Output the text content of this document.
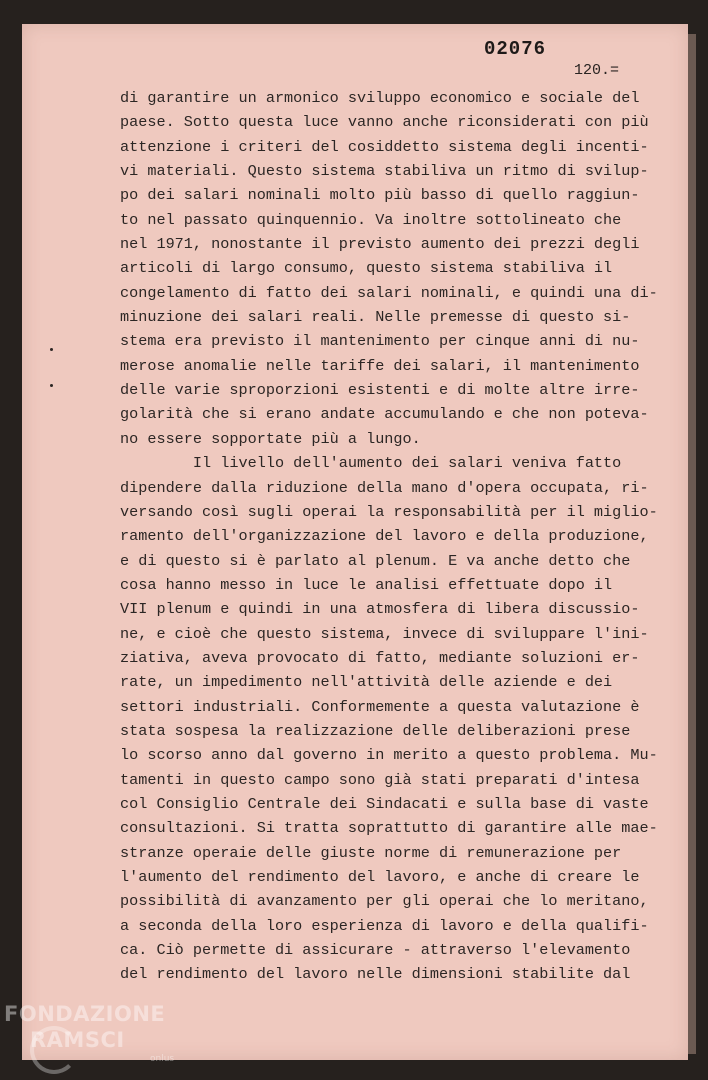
02076
120.=
di garantire un armonico sviluppo economico e sociale del
paese. Sotto questa luce vanno anche riconsiderati con più
attenzione i criteri del cosiddetto sistema degli incenti-
vi materiali. Questo sistema stabiliva un ritmo di svilup-
po dei salari nominali molto più basso di quello raggiun-
to nel passato quinquennio. Va inoltre sottolineato che
nel 1971, nonostante il previsto aumento dei prezzi degli
articoli di largo consumo, questo sistema stabiliva il
congelamento di fatto dei salari nominali, e quindi una di-
minuzione dei salari reali. Nelle premesse di questo si-
stema era previsto il mantenimento per cinque anni di nu-
merose anomalie nelle tariffe dei salari, il mantenimento
delle varie sproporzioni esistenti e di molte altre irre-
golarità che si erano andate accumulando e che non poteva-
no essere sopportate più a lungo.
Il livello dell'aumento dei salari veniva fatto
dipendere dalla riduzione della mano d'opera occupata, ri-
versando così sugli operai la responsabilità per il miglio-
ramento dell'organizzazione del lavoro e della produzione,
e di questo si è parlato al plenum. E va anche detto che
cosa hanno messo in luce le analisi effettuate dopo il
VII plenum e quindi in una atmosfera di libera discussio-
ne, e cioè che questo sistema, invece di sviluppare l'ini-
ziativa, aveva provocato di fatto, mediante soluzioni er-
rate, un impedimento nell'attività delle aziende e dei
settori industriali. Conformemente a questa valutazione è
stata sospesa la realizzazione delle deliberazioni prese
lo scorso anno dal governo in merito a questo problema. Mu-
tamenti in questo campo sono già stati preparati d'intesa
col Consiglio Centrale dei Sindacati e sulla base di vaste
consultazioni. Si tratta soprattutto di garantire alle mae-
stranze operaie delle giuste norme di remunerazione per
l'aumento del rendimento del lavoro, e anche di creare le
possibilità di avanzamento per gli operai che lo meritano,
a seconda della loro esperienza di lavoro e della qualifi-
ca. Ciò permette di assicurare - attraverso l'elevamento
del rendimento del lavoro nelle dimensioni stabilite dal
FONDAZIONE
RAMSCI
onlus
